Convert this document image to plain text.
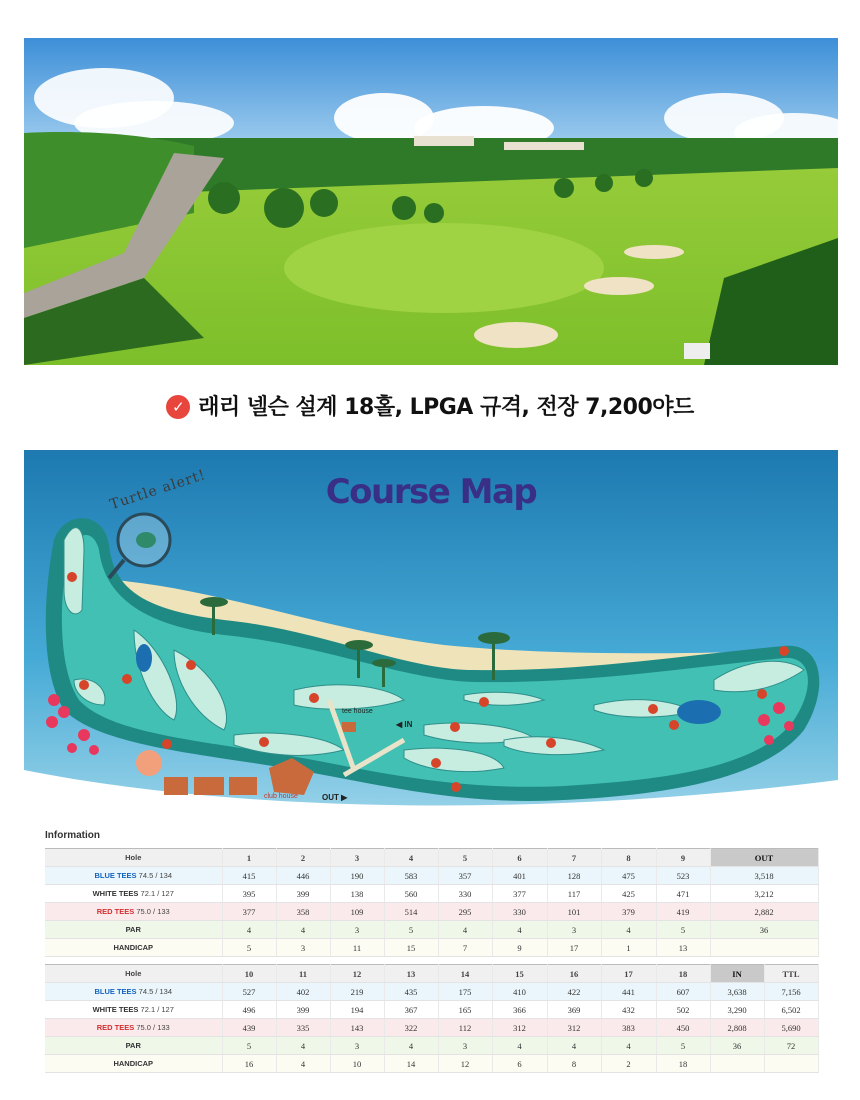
✓ 래리 넬슨 설계 18홀, LPGA 규격, 전장 7,200야드
Turtle alert!	Course Map
tee house
◀ IN
club house	OUT ▶
Information
Hole	1	2	3	4	5	6	7	8	9	OUT
BLUE TEES 74.5 / 134	415	446	190	583	357	401	128	475	523	3,518
WHITE TEES 72.1 / 127	395	399	138	560	330	377	117	425	471	3,212
RED TEES 75.0 / 133	377	358	109	514	295	330	101	379	419	2,882
PAR	4	4	3	5	4	4	3	4	5	36
HANDICAP	5	3	11	15	7	9	17	1	13	
Hole	10	11	12	13	14	15	16	17	18	IN	TTL
BLUE TEES 74.5 / 134	527	402	219	435	175	410	422	441	607	3,638	7,156
WHITE TEES 72.1 / 127	496	399	194	367	165	366	369	432	502	3,290	6,502
RED TEES 75.0 / 133	439	335	143	322	112	312	312	383	450	2,808	5,690
PAR	5	4	3	4	3	4	4	4	5	36	72
HANDICAP	16	4	10	14	12	6	8	2	18		
